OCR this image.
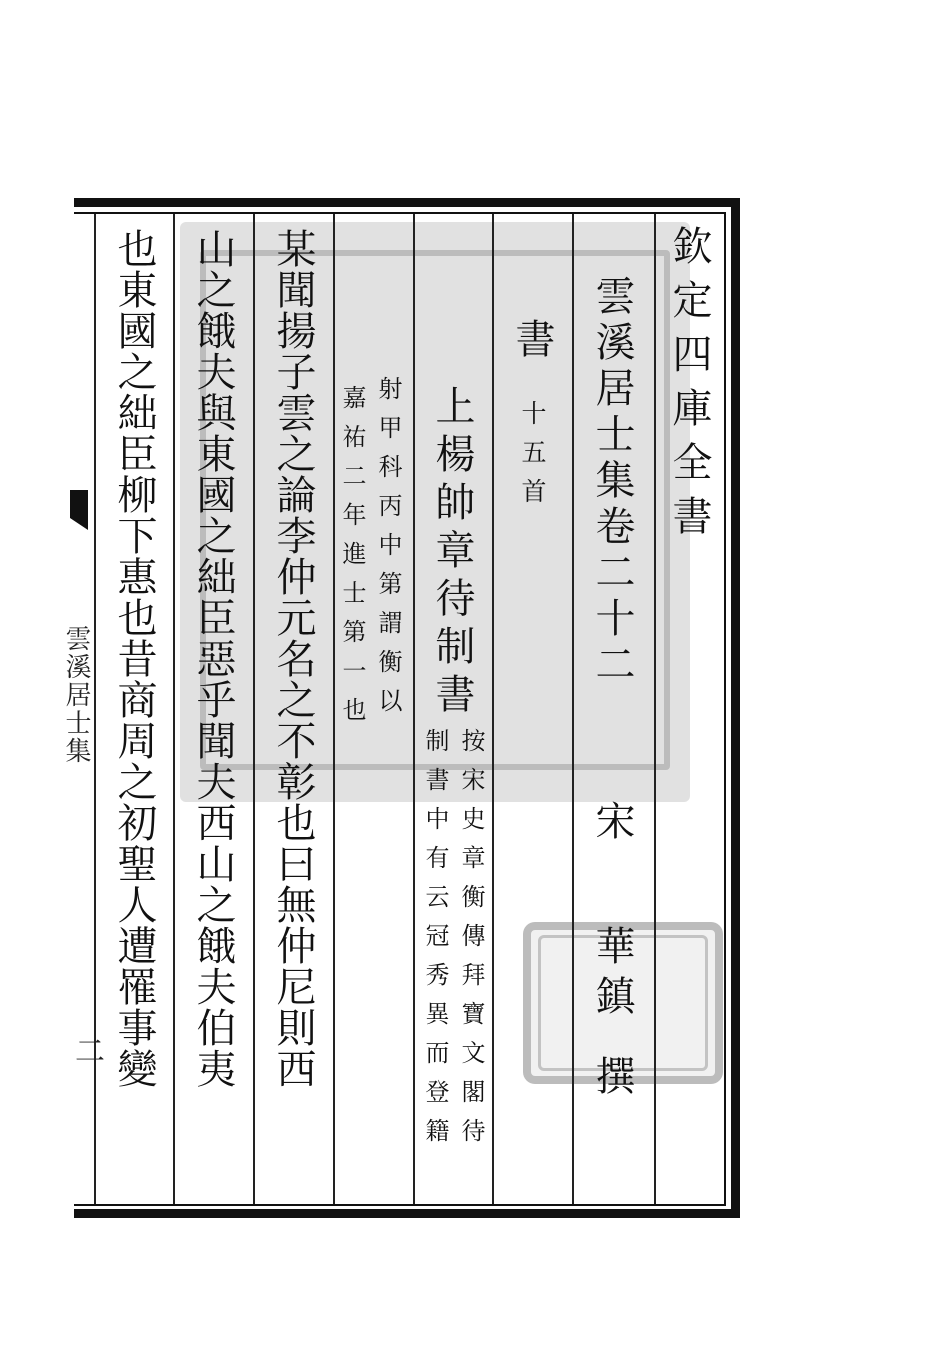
欽定四庫全書
雲溪居士集卷二十二
宋
華鎮
撰
書
十五首
上楊帥章待制書
按宋史章衡傳拜寶文閣待
制書中有云冠秀異而登籍
射甲科丙中第謂衡以
嘉祐二年進士第一也
某聞揚子雲之論李仲元名之不彰也曰無仲尼則西
山之餓夫與東國之絀臣惡乎聞夫西山之餓夫伯夷
也東國之絀臣柳下惠也昔商周之初聖人遭罹事變
雲溪居士集
二
